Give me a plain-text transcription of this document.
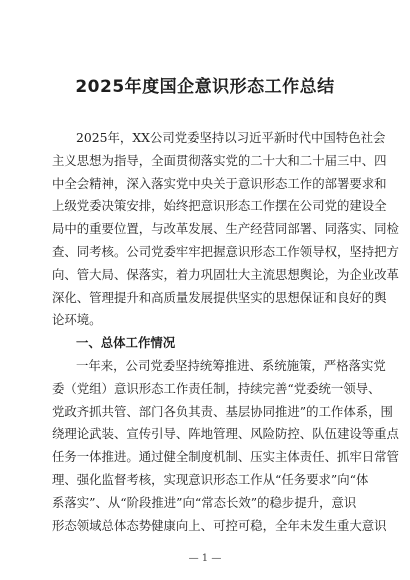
2025年度国企意识形态工作总结
2025年，XX公司党委坚持以习近平新时代中国特色社会
主义思想为指导，全面贯彻落实党的二十大和二十届三中、四
中全会精神，深入落实党中央关于意识形态工作的部署要求和
上级党委决策安排，始终把意识形态工作摆在公司党的建设全
局中的重要位置，与改革发展、生产经营同部署、同落实、同检
查、同考核。公司党委牢牢把握意识形态工作领导权，坚持把方
向、管大局、保落实，着力巩固壮大主流思想舆论，为企业改革
深化、管理提升和高质量发展提供坚实的思想保证和良好的舆
论环境。
一、总体工作情况
一年来，公司党委坚持统筹推进、系统施策，严格落实党
委（党组）意识形态工作责任制，持续完善“党委统一领导、
党政齐抓共管、部门各负其责、基层协同推进”的工作体系，围
绕理论武装、宣传引导、阵地管理、风险防控、队伍建设等重点
任务一体推进。通过健全制度机制、压实主体责任、抓牢日常管
理、强化监督考核，实现意识形态工作从“任务要求”向“体
系落实”、从“阶段推进”向“常态长效”的稳步提升，意识
形态领域总体态势健康向上、可控可稳，全年未发生重大意识
— 1 —
